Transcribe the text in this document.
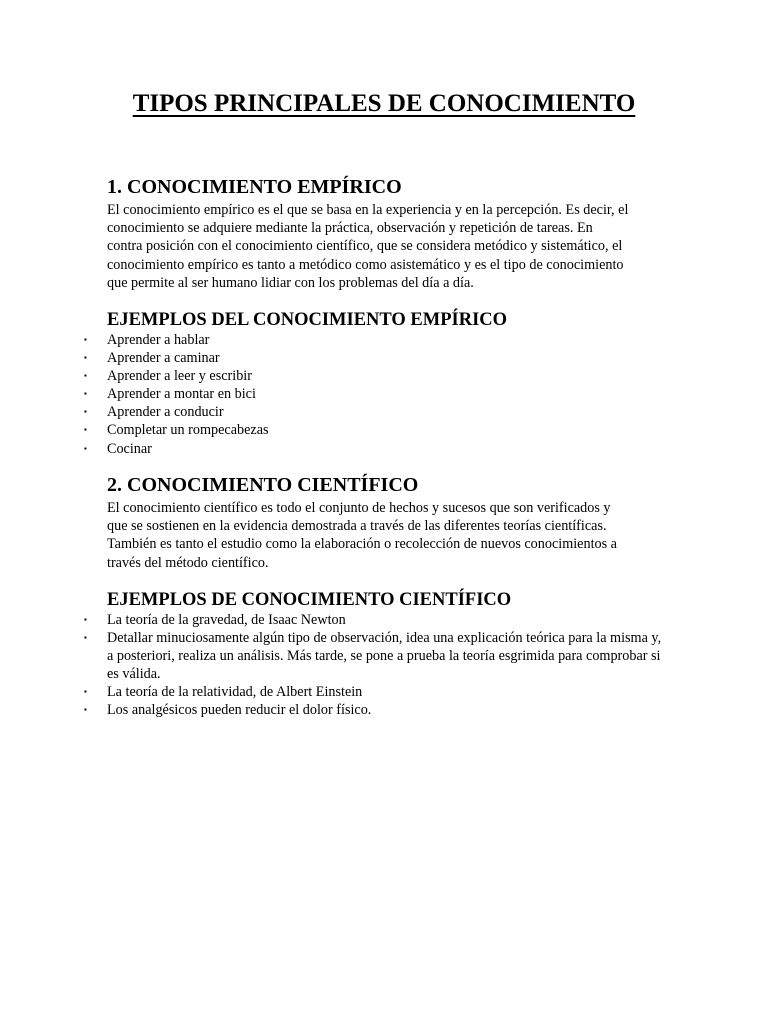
TIPOS PRINCIPALES DE CONOCIMIENTO
1. CONOCIMIENTO EMPÍRICO

El conocimiento empírico es el que se basa en la experiencia y en la percepción. Es decir, el
conocimiento se adquiere mediante la práctica, observación y repetición de tareas. En
contra posición con el conocimiento científico, que se considera metódico y sistemático, el
conocimiento empírico es tanto a metódico como asistemático y es el tipo de conocimiento
que permite al ser humano lidiar con los problemas del día a día.

EJEMPLOS DEL CONOCIMIENTO EMPÍRICO
▪ Aprender a hablar
▪ Aprender a caminar
▪ Aprender a leer y escribir
▪ Aprender a montar en bici
▪ Aprender a conducir
▪ Completar un rompecabezas
▪ Cocinar
2. CONOCIMIENTO CIENTÍFICO

El conocimiento científico es todo el conjunto de hechos y sucesos que son verificados y
que se sostienen en la evidencia demostrada a través de las diferentes teorías científicas.
También es tanto el estudio como la elaboración o recolección de nuevos conocimientos a
través del método científico.

EJEMPLOS DE CONOCIMIENTO CIENTÍFICO
▪ La teoría de la gravedad, de Isaac Newton
▪ Detallar minuciosamente algún tipo de observación, idea una explicación teórica para la misma y, a posteriori, realiza un análisis. Más tarde, se pone a prueba la teoría esgrimida para comprobar si es válida.
▪ La teoría de la relatividad, de Albert Einstein
▪ Los analgésicos pueden reducir el dolor físico.
